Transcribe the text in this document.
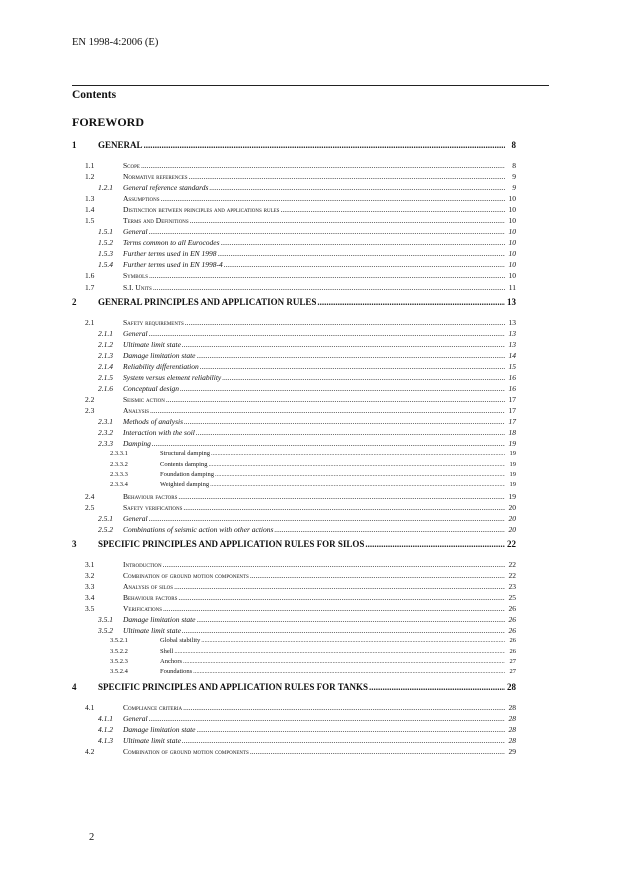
EN 1998-4:2006 (E)
Contents
FOREWORD
1	GENERAL .....	8
1.1	Scope .....	8
1.2	Normative references .....	9
1.2.1	General reference standards .....	9
1.3	Assumptions .....	10
1.4	Distinction between principles and applications rules .....	10
1.5	Terms and Definitions .....	10
1.5.1	General .....	10
1.5.2	Terms common to all Eurocodes .....	10
1.5.3	Further terms used in EN 1998 .....	10
1.5.4	Further terms used in EN 1998-4 .....	10
1.6	Symbols .....	10
1.7	S.I. Units .....	11
2	GENERAL PRINCIPLES AND APPLICATION RULES .....	13
2.1	Safety requirements .....	13
2.1.1	General .....	13
2.1.2	Ultimate limit state .....	13
2.1.3	Damage limitation state .....	14
2.1.4	Reliability differentiation .....	15
2.1.5	System versus element reliability .....	16
2.1.6	Conceptual design .....	16
2.2	Seismic action .....	17
2.3	Analysis .....	17
2.3.1	Methods of analysis .....	17
2.3.2	Interaction with the soil .....	18
2.3.3	Damping .....	19
2.3.3.1	Structural damping .....	19
2.3.3.2	Contents damping .....	19
2.3.3.3	Foundation damping .....	19
2.3.3.4	Weighted damping .....	19
2.4	Behaviour factors .....	19
2.5	Safety verifications .....	20
2.5.1	General .....	20
2.5.2	Combinations of seismic action with other actions .....	20
3	SPECIFIC PRINCIPLES AND APPLICATION RULES FOR SILOS .....	22
3.1	Introduction .....	22
3.2	Combination of ground motion components .....	22
3.3	Analysis of silos .....	23
3.4	Behaviour factors .....	25
3.5	Verifications .....	26
3.5.1	Damage limitation state .....	26
3.5.2	Ultimate limit state .....	26
3.5.2.1	Global stability .....	26
3.5.2.2	Shell .....	26
3.5.2.3	Anchors .....	27
3.5.2.4	Foundations .....	27
4	SPECIFIC PRINCIPLES AND APPLICATION RULES FOR TANKS .....	28
4.1	Compliance criteria .....	28
4.1.1	General .....	28
4.1.2	Damage limitation state .....	28
4.1.3	Ultimate limit state .....	28
4.2	Combination of ground motion components .....	29
2
